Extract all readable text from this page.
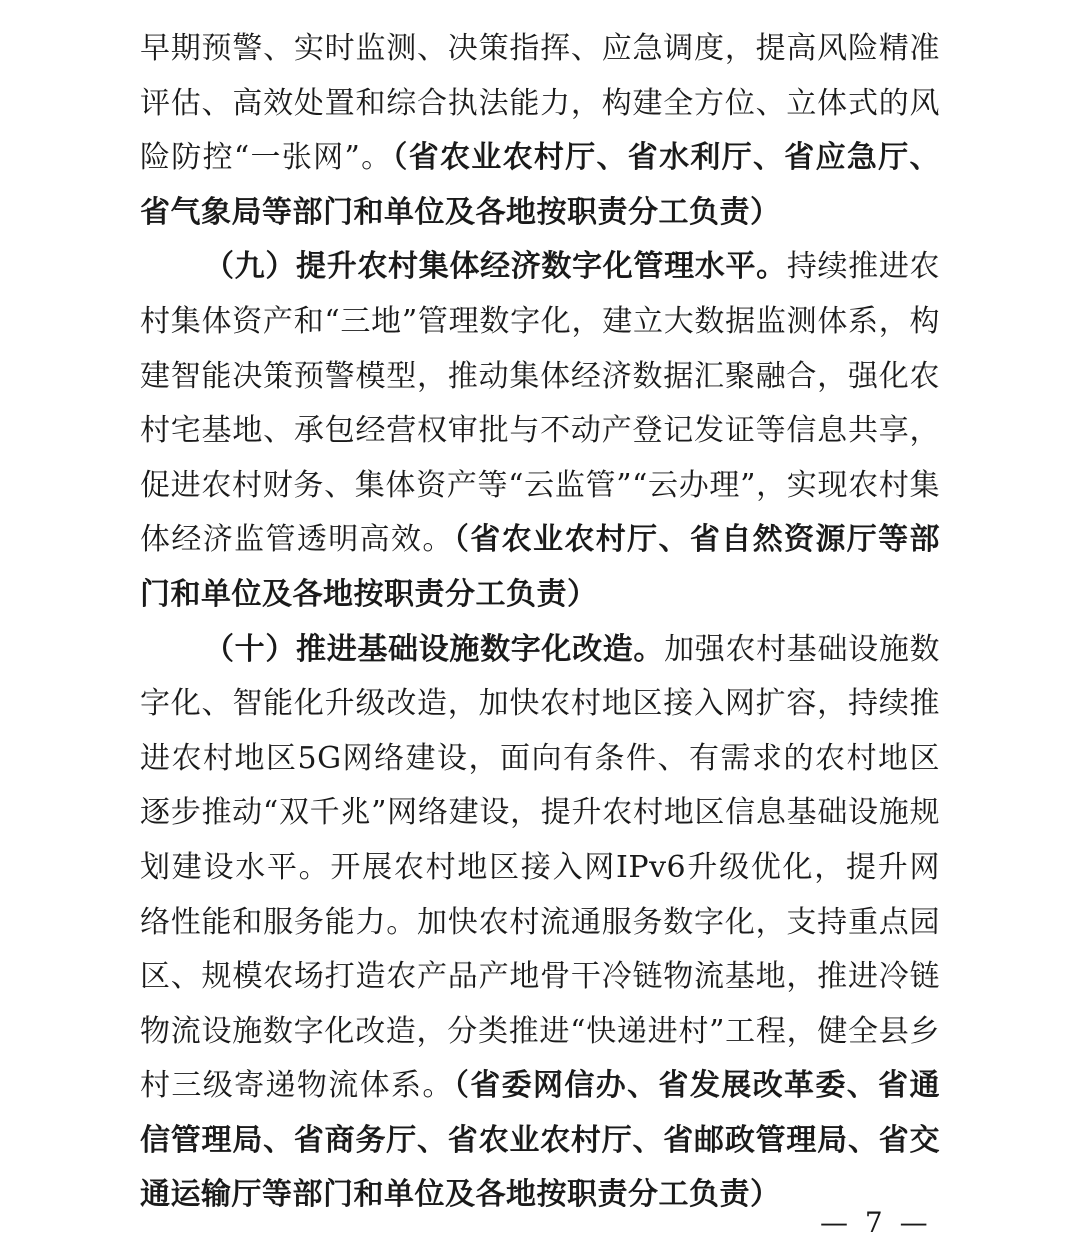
早期预警、实时监测、决策指挥、应急调度，提高风险精准评估、高效处置和综合执法能力，构建全方位、立体式的风险防控“一张网”。（省农业农村厅、省水利厅、省应急厅、省气象局等部门和单位及各地按职责分工负责）

（九）提升农村集体经济数字化管理水平。持续推进农村集体资产和“三地”管理数字化，建立大数据监测体系，构建智能决策预警模型，推动集体经济数据汇聚融合，强化农村宅基地、承包经营权审批与不动产登记发证等信息共享，促进农村财务、集体资产等“云监管”“云办理”，实现农村集体经济监管透明高效。（省农业农村厅、省自然资源厅等部门和单位及各地按职责分工负责）

（十）推进基础设施数字化改造。加强农村基础设施数字化、智能化升级改造，加快农村地区接入网扩容，持续推进农村地区5G网络建设，面向有条件、有需求的农村地区逐步推动“双千兆”网络建设，提升农村地区信息基础设施规划建设水平。开展农村地区接入网IPv6升级优化，提升网络性能和服务能力。加快农村流通服务数字化，支持重点园区、规模农场打造农产品产地骨干冷链物流基地，推进冷链物流设施数字化改造，分类推进“快递进村”工程，健全县乡村三级寄递物流体系。（省委网信办、省发展改革委、省通信管理局、省商务厅、省农业农村厅、省邮政管理局、省交通运输厅等部门和单位及各地按职责分工负责）

— 7 —
